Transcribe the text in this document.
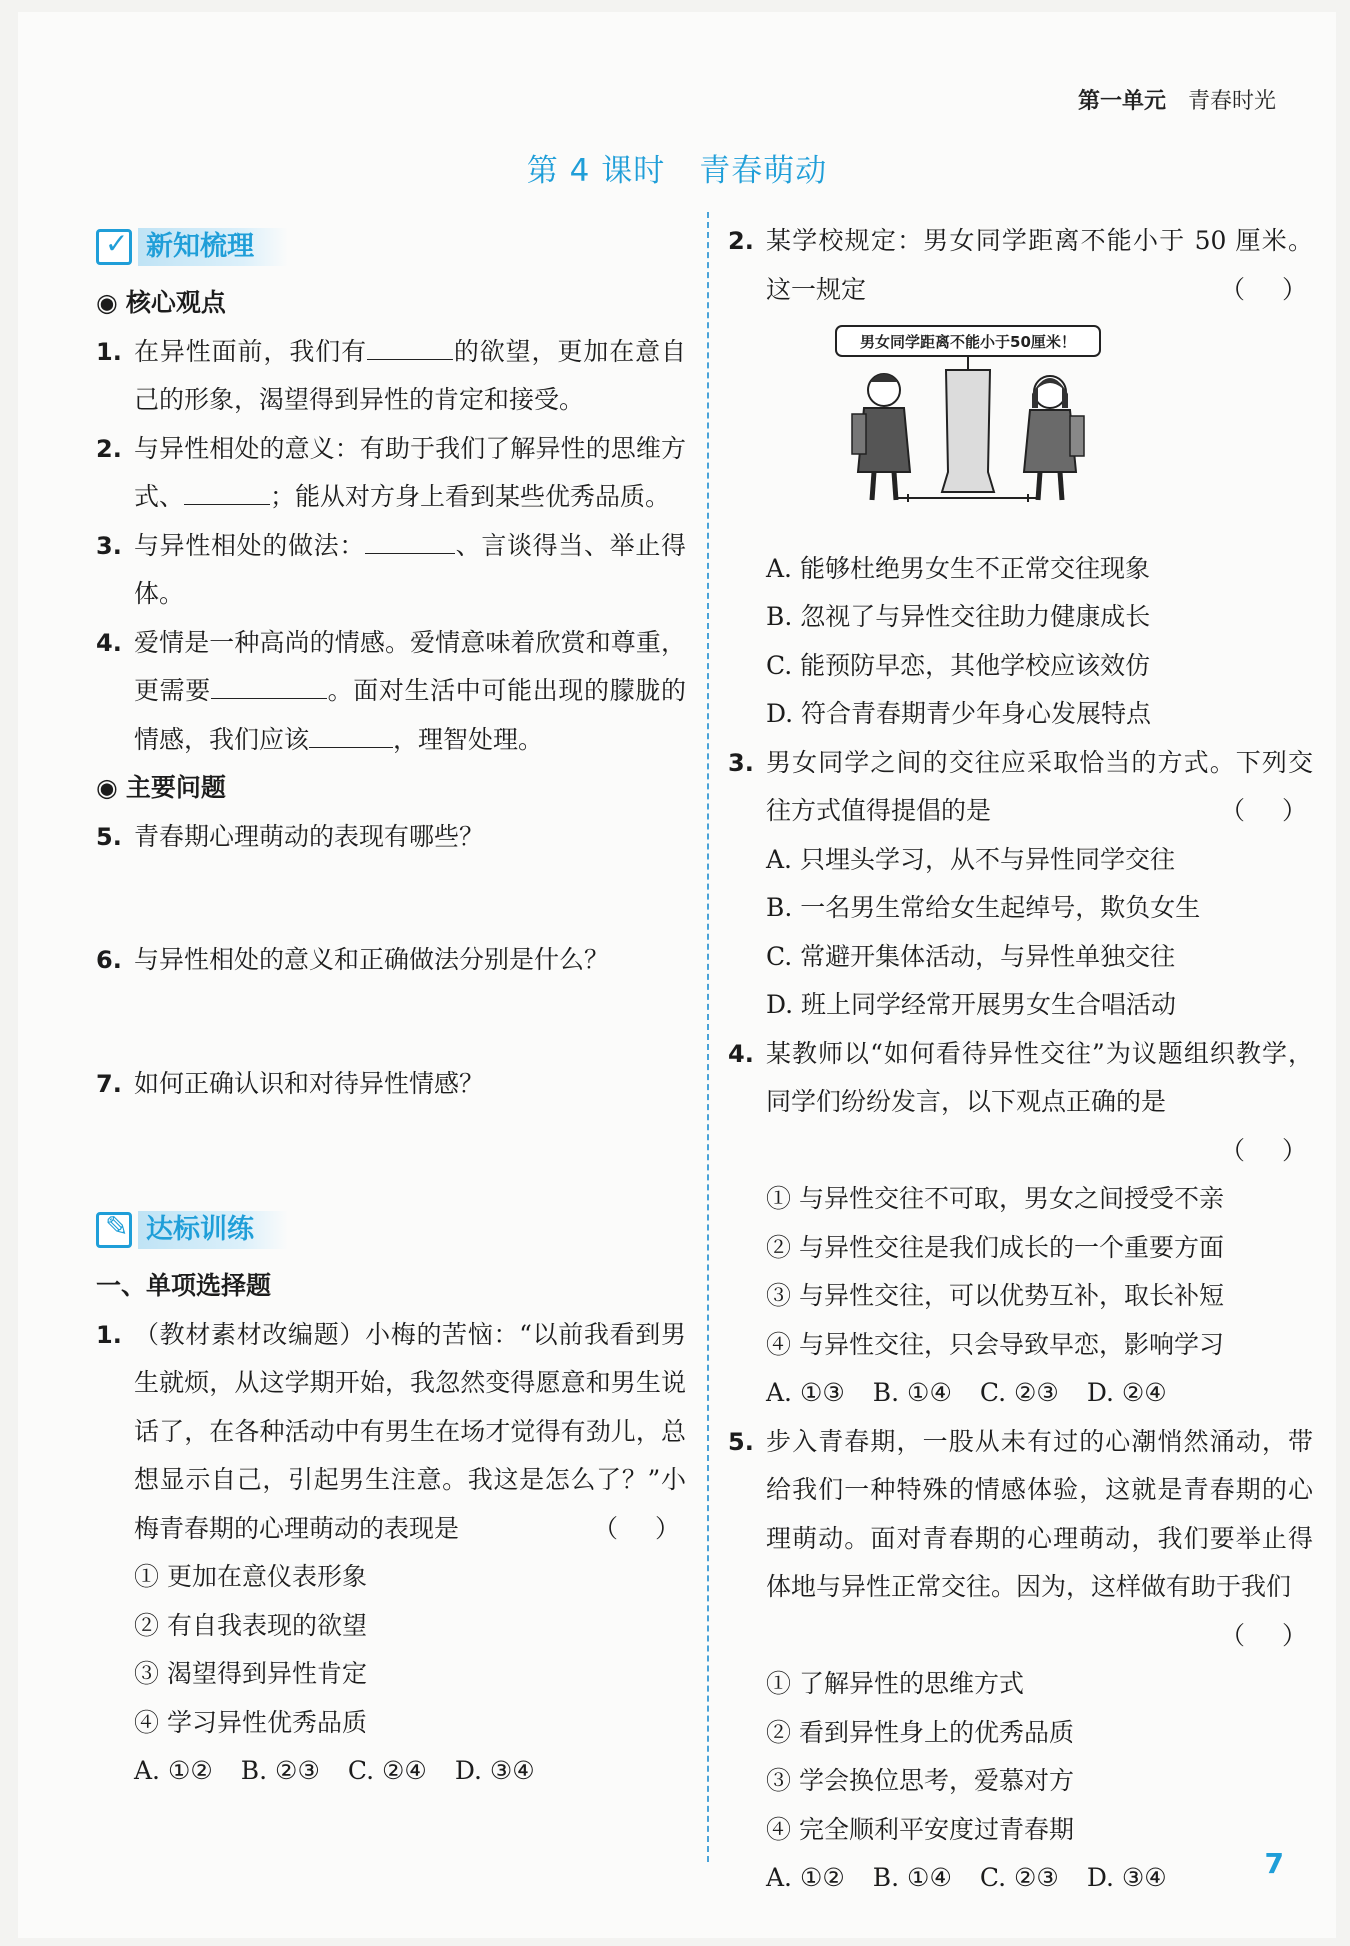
第一单元 青春时光
第 4 课时 青春萌动
✓ 新知梳理
◉ 核心观点
1. 在异性面前，我们有	的欲望，更加在意自己的形象，渴望得到异性的肯定和接受。
2. 与异性相处的意义：有助于我们了解异性的思维方式、	；能从对方身上看到某些优秀品质。
3. 与异性相处的做法：	、言谈得当、举止得体。
4. 爱情是一种高尚的情感。爱情意味着欣赏和尊重，更需要	。面对生活中可能出现的朦胧的情感，我们应该	，理智处理。
◉ 主要问题
5. 青春期心理萌动的表现有哪些？
6. 与异性相处的意义和正确做法分别是什么？
7. 如何正确认识和对待异性情感？
✎ 达标训练
一、单项选择题
1. （教材素材改编题）小梅的苦恼：“以前我看到男生就烦，从这学期开始，我忽然变得愿意和男生说话了，在各种活动中有男生在场才觉得有劲儿，总想显示自己，引起男生注意。我这是怎么了？”小梅青春期的心理萌动的表现是	（　）
① 更加在意仪表形象
② 有自我表现的欲望
③ 渴望得到异性肯定
④ 学习异性优秀品质
A. ①② B. ②③ C. ②④ D. ③④
2. 某学校规定：男女同学距离不能小于 50 厘米。这一规定	（　）
男女同学距离不能小于50厘米！
A. 能够杜绝男女生不正常交往现象
B. 忽视了与异性交往助力健康成长
C. 能预防早恋，其他学校应该效仿
D. 符合青春期青少年身心发展特点
3. 男女同学之间的交往应采取恰当的方式。下列交往方式值得提倡的是	（　）
A. 只埋头学习，从不与异性同学交往
B. 一名男生常给女生起绰号，欺负女生
C. 常避开集体活动，与异性单独交往
D. 班上同学经常开展男女生合唱活动
4. 某教师以“如何看待异性交往”为议题组织教学，同学们纷纷发言，以下观点正确的是

（　）
① 与异性交往不可取，男女之间授受不亲
② 与异性交往是我们成长的一个重要方面
③ 与异性交往，可以优势互补，取长补短
④ 与异性交往，只会导致早恋，影响学习
A. ①③ B. ①④ C. ②③ D. ②④
5. 步入青春期，一股从未有过的心潮悄然涌动，带给我们一种特殊的情感体验，这就是青春期的心理萌动。面对青春期的心理萌动，我们要举止得体地与异性正常交往。因为，这样做有助于我们
（　）
① 了解异性的思维方式
② 看到异性身上的优秀品质
③ 学会换位思考，爱慕对方
④ 完全顺利平安度过青春期
A. ①② B. ①④ C. ②③ D. ③④	7
